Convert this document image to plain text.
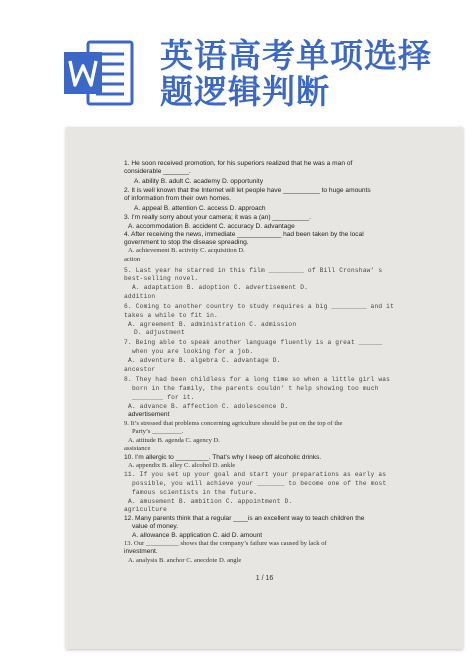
英语高考单项选择
题逻辑判断
1. He soon received promotion, for his superiors realized that he was a man of
considerable _______.
A. ability B. adult C. academy D. opportunity
2. It is well known that the Internet will let people have __________ to huge amounts
of information from their own homes.
A. appeal B. attention C. access D. approach
3. I’m really sorry about your camera; it was a (an) __________.
A. accommodation B. accident C. accuracy D. advantage
4. After receiving the news, immediate ____________ had been taken by the local
government to stop the disease spreading.
A. achievement B. activity C. acquisition D.
action
5. Last year he starred in this film _________ of Bill Cronshaw’ s
best-selling novel.
A. adaptation B. adoption C. advertisement D.
addition
6. Coming to another country to study requires a big _________ and it
takes a while to fit in.
A. agreement B. administration C. admission
D. adjustment
7. Being able to speak another language fluently is a great ______
when you are looking for a job.
A. adventure B. algebra C. advantage D.
ancestor
8. They had been childless for a long time so when a little girl was
born in the family, the parents couldn’ t help showing too much
________ for it.
A. advance B. affection C. adolescence D.
advertisement
9. It’s stressed that problems concerning agriculture should be put on the top of the
Party’s _________.
A. attitude B. agenda C. agency D.
assistance
10. I’m allergic to _________. That’s why I keep off alcoholic drinks.
A. appendix B. alley C. alcohol D. ankle
11. If you set up your goal and start your preparations as early as
possible, you will achieve your _______ to become one of the most
famous scientists in the future.
A. amusement B. ambition C. appointment D.
agriculture
12. Many parents think that a regular ____is an excellent way to teach children the
value of money.
A. allowance B. application C. aid D. amount
13. Our __________ shows that the company’s failure was caused by lack of
investment.
A. analysis B. anchor C. anecdote D. angle
1 / 16
